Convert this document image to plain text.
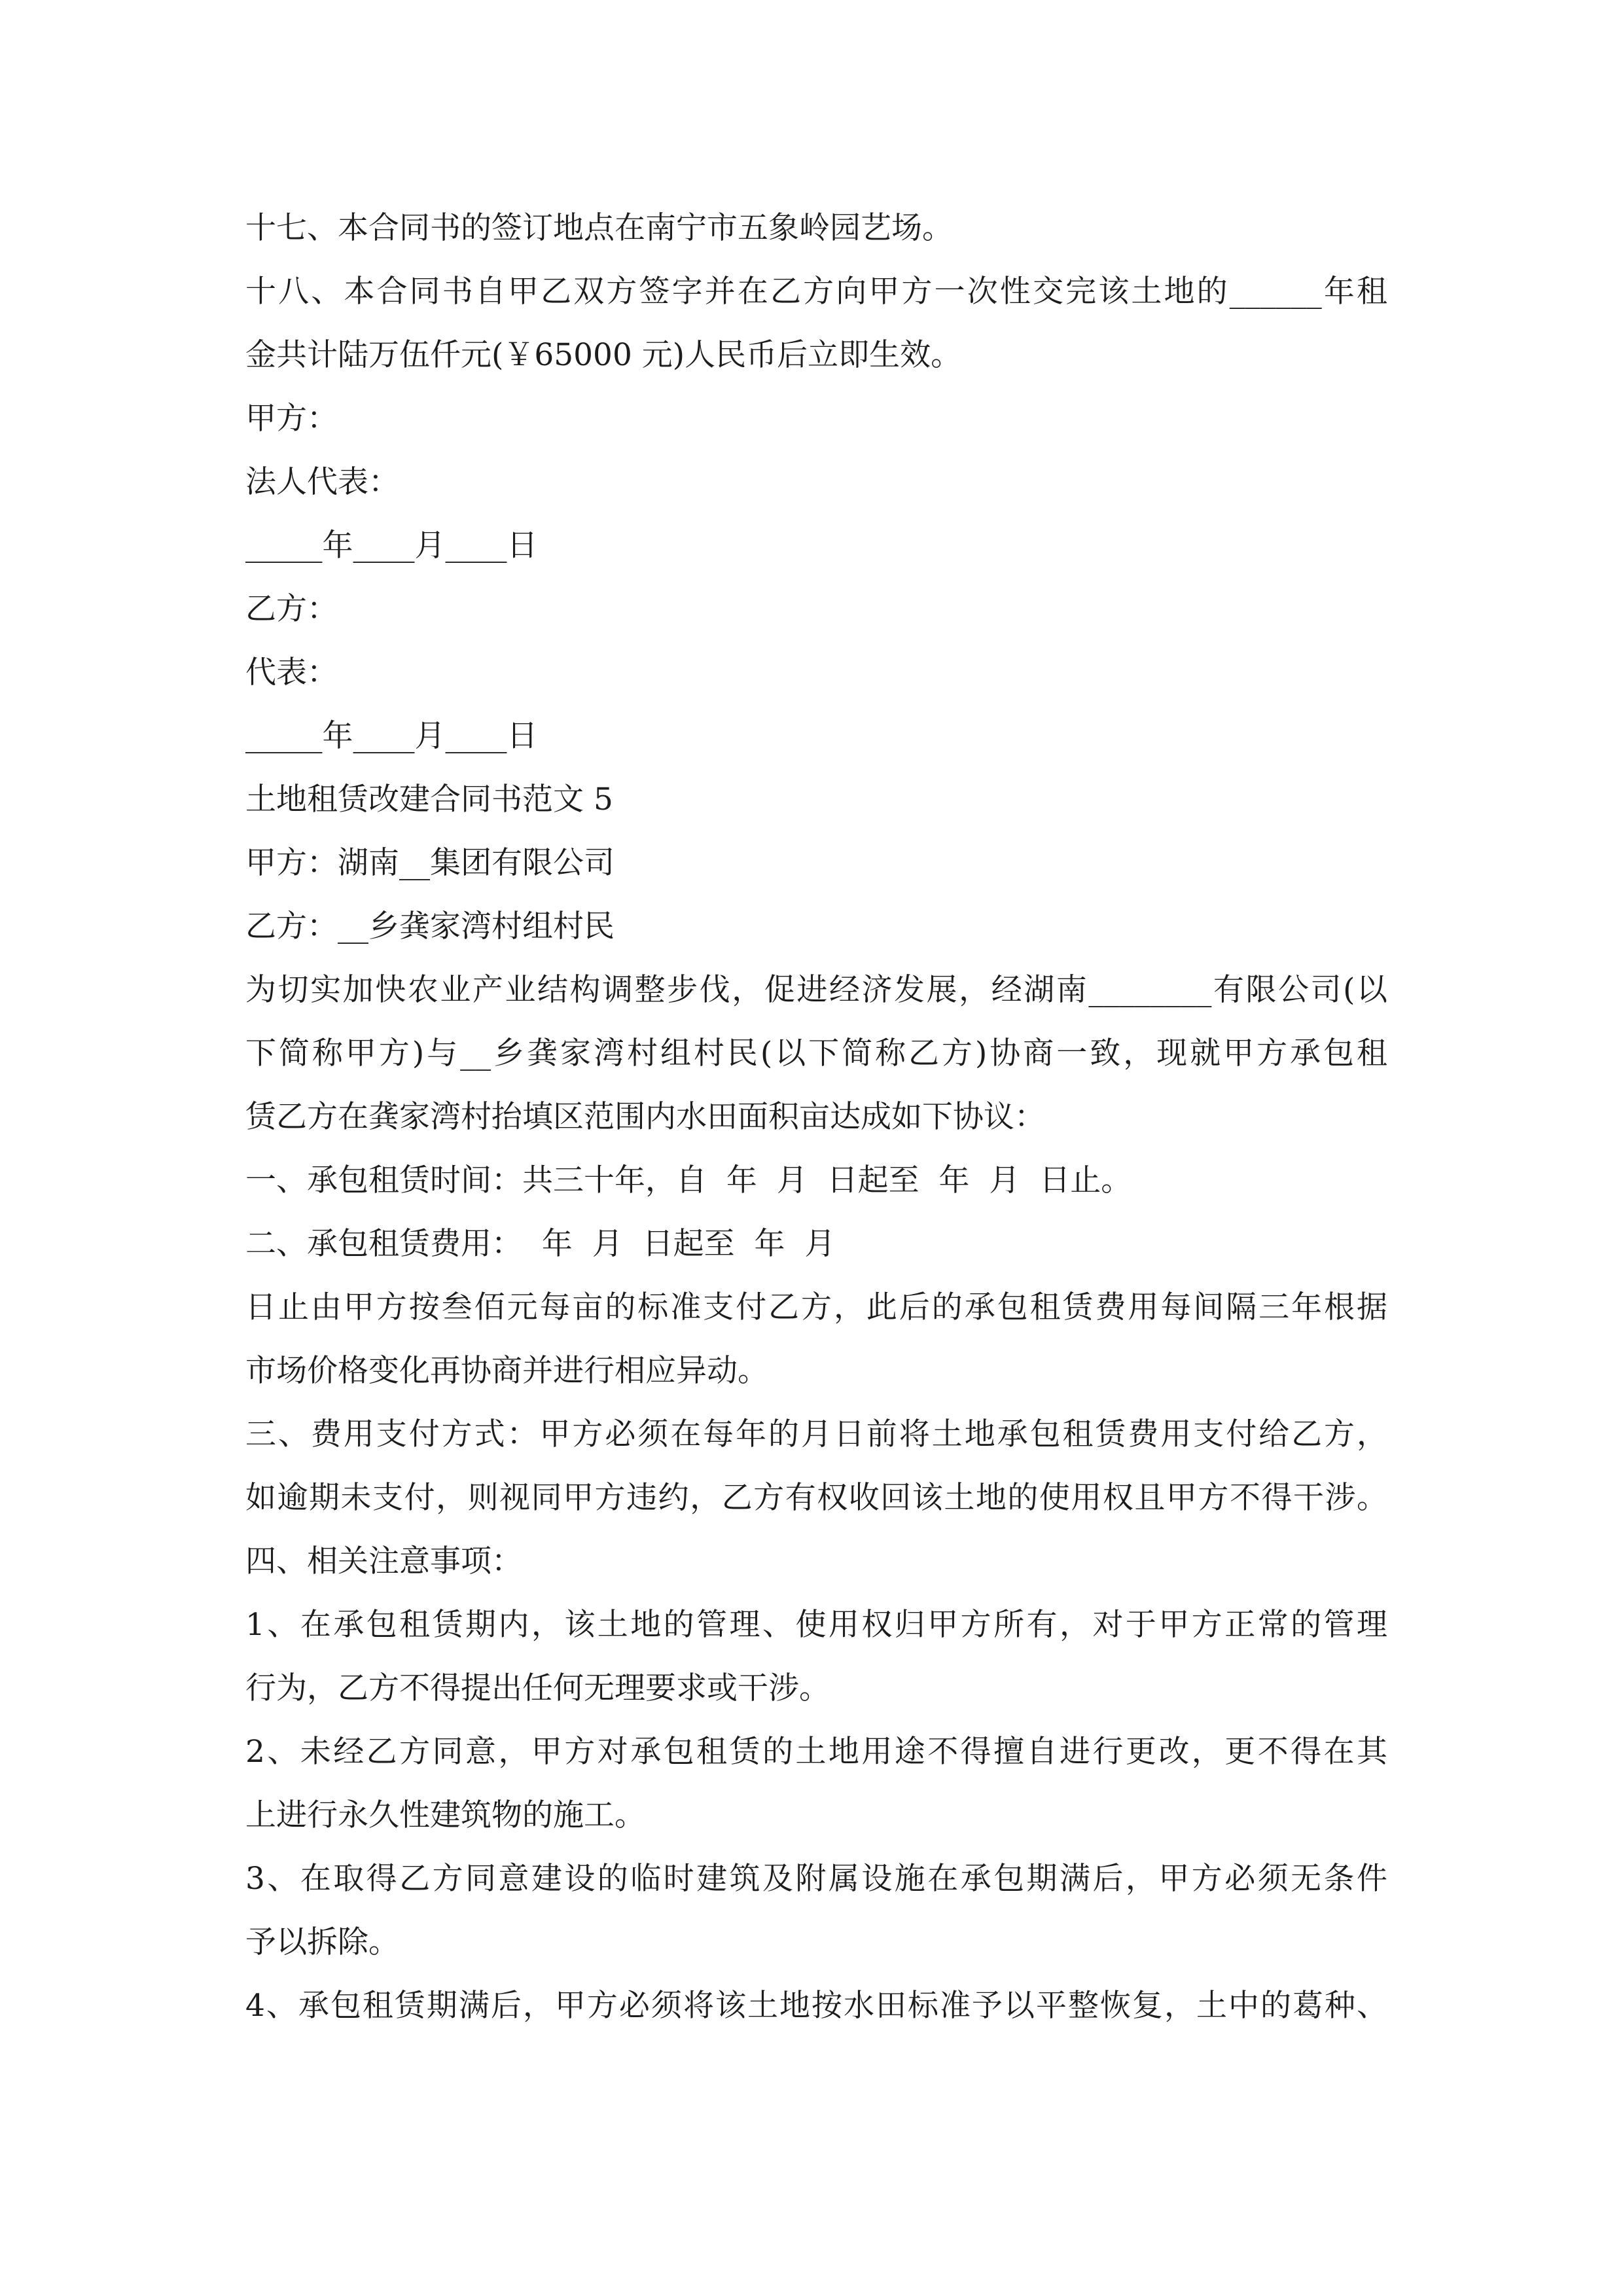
十七、本合同书的签订地点在南宁市五象岭园艺场。
十八、本合同书自甲乙双方签字并在乙方向甲方一次性交完该土地的______年租
金共计陆万伍仟元(￥65000 元)人民币后立即生效。
甲方：
法人代表：
_____年____月____日
乙方：
代表：
_____年____月____日
土地租赁改建合同书范文 5
甲方：湖南__集团有限公司
乙方：__乡龚家湾村组村民
为切实加快农业产业结构调整步伐，促进经济发展，经湖南________有限公司(以
下简称甲方)与__乡龚家湾村组村民(以下简称乙方)协商一致，现就甲方承包租
赁乙方在龚家湾村抬填区范围内水田面积亩达成如下协议：
一、承包租赁时间：共三十年，自  年  月  日起至  年  月  日止。
二、承包租赁费用：  年  月  日起至  年  月
日止由甲方按叁佰元每亩的标准支付乙方，此后的承包租赁费用每间隔三年根据
市场价格变化再协商并进行相应异动。
三、费用支付方式：甲方必须在每年的月日前将土地承包租赁费用支付给乙方，
如逾期未支付，则视同甲方违约，乙方有权收回该土地的使用权且甲方不得干涉。
四、相关注意事项：
1、在承包租赁期内，该土地的管理、使用权归甲方所有，对于甲方正常的管理
行为，乙方不得提出任何无理要求或干涉。
2、未经乙方同意，甲方对承包租赁的土地用途不得擅自进行更改，更不得在其
上进行永久性建筑物的施工。
3、在取得乙方同意建设的临时建筑及附属设施在承包期满后，甲方必须无条件
予以拆除。
4、承包租赁期满后，甲方必须将该土地按水田标准予以平整恢复，土中的葛种、
